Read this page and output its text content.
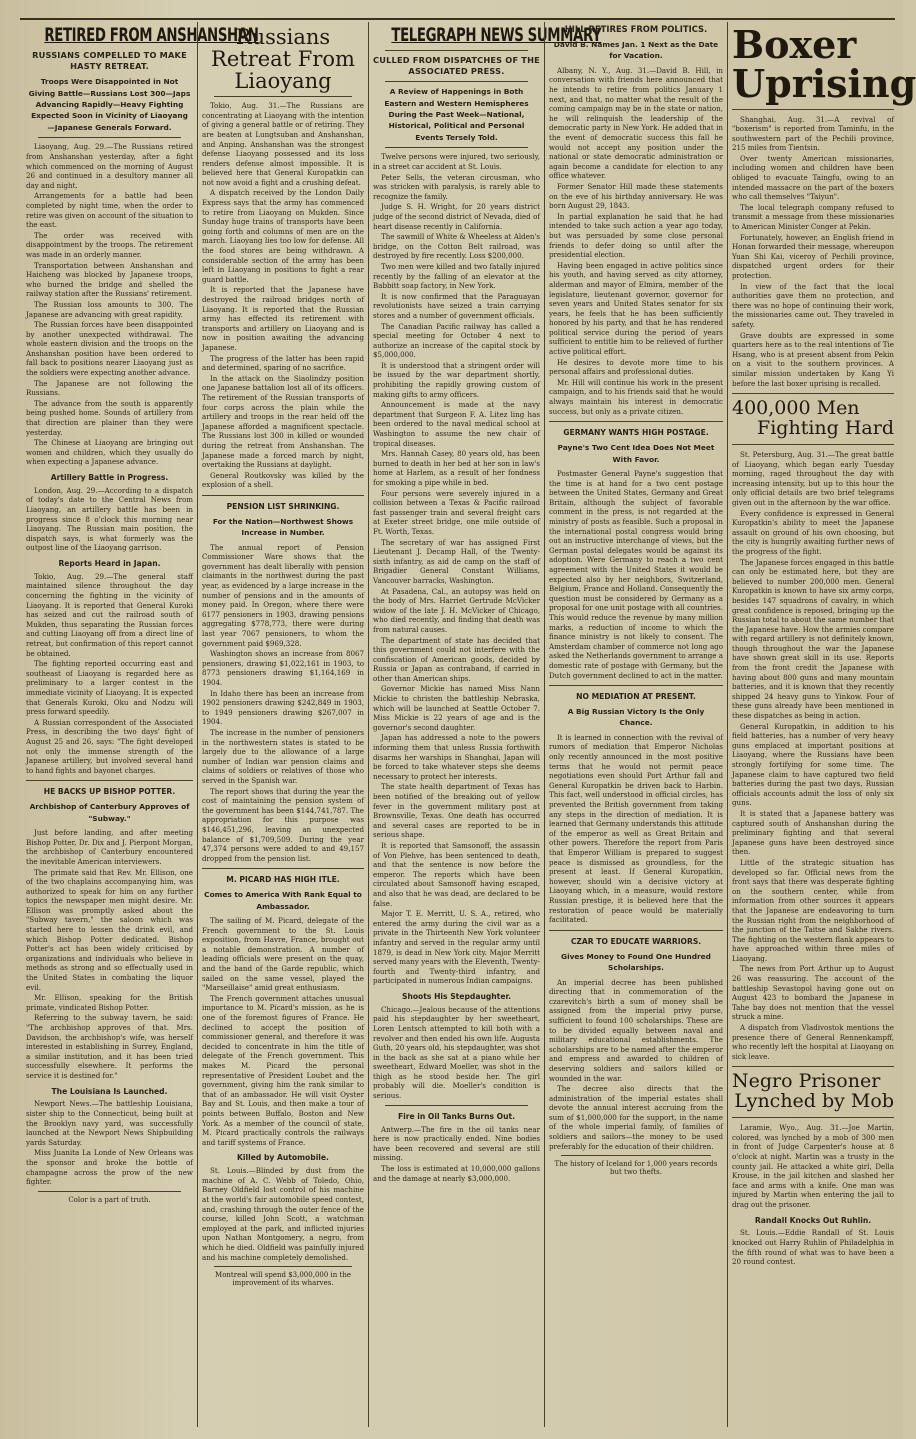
RETIRED FROM ANSHANSHAN
RUSSIANS COMPELLED TO MAKE HASTY RETREAT.
Troops Were Disappointed in Not Giving Battle—Russians Lost 300—Japs Advancing Rapidly—Heavy Fighting Expected Soon in Vicinity of Liaoyang—Japanese Generals Forward.

Liaoyang, Aug. 29.—The Russians retired from Anshanshan yesterday, after a fight which commenced on the morning of August 26 and continued in a desultory manner all day and night.

Arrangements for a battle had been completed by night time, when the order to retire was given on account of the situation to the east.

The order was received with disappointment by the troops. The retirement was made in an orderly manner.

Transportation between Anshanshan and Haicheng was blocked by Japanese troops, who burned the bridge and shelled the railway station after the Russians' retirement.

The Russian loss amounts to 300. The Japanese are advancing with great rapidity.

The Russian forces have been disappointed by another unexpected withdrawal. The whole eastern division and the troops on the Anshanshan position have been ordered to fall back to positions nearer Liaoyang just as the soldiers were expecting another advance.

The Japanese are not following the Russians.

The advance from the south is apparently being pushed home. Sounds of artillery from that direction are plainer than they were yesterday.

The Chinese at Liaoyang are bringing out women and children, which they usually do when expecting a Japanese advance.

Artillery Battle in Progress.

London, Aug. 29.—According to a dispatch of today's date to the Central News from Liaoyang, an artillery battle has been in progress since 8 o'clock this morning near Liaoyang. The Russian main position, the dispatch says, is what formerly was the outpost line of the Liaoyang garrison.

Reports Heard in Japan.

Tokio, Aug. 29.—The general staff maintained silence throughout the day concerning the fighting in the vicinity of Liaoyang. It is reported that General Kuroki has seized and cut the railroad south of Mukden, thus separating the Russian forces and cutting Liaoyang off from a direct line of retreat, but confirmation of this report cannot be obtained.

The fighting reported occurring east and southeast of Liaoyang is regarded here as preliminary to a larger contest in the immediate vicinity of Liaoyang. It is expected that Generals Kuroki, Oku and Nodzu will press forward speedily.

A Russian correspondent of the Associated Press, in describing the two days' fight of August 25 and 26, says: "The fight developed not only the immense strength of the Japanese artillery, but involved several hand to hand fights and bayonet charges.

HE BACKS UP BISHOP POTTER.
Archbishop of Canterbury Approves of "Subway."

Just before landing, and after meeting Bishop Potter, Dr. Dix and J. Pierpont Morgan, the archbishop of Canterbury encountered the inevitable American interviewers.

The primate said that Rev. Mr. Ellison, one of the two chaplains accompanying him, was authorized to speak for him on any further topics the newspaper men might desire. Mr. Ellison was promptly asked about the "Subway tavern," the saloon which was started here to lessen the drink evil, and which Bishop Potter dedicated. Bishop Potter's act has been widely criticised by organizations and individuals who believe in methods as strong and so effectually used in the United States in combating the liquor evil.

Mr. Ellison, speaking for the British primate, vindicated Bishop Potter.

Referring to the subway tavern, he said: "The archbishop approves of that. Mrs. Davidson, the archbishop's wife, was herself interested in establishing in Surrey, England, a similar institution, and it has been tried successfully elsewhere. It performs the service it is destined for."

The Louisiana Is Launched.

Newport News.—The battleship Louisiana, sister ship to the Connecticut, being built at the Brooklyn navy yard, was successfully launched at the Newport News Shipbuilding yards Saturday.

Miss Juanita La Londe of New Orleans was the sponsor and broke the bottle of champagne across the prow of the new fighter.

Color is a part of truth.
Russians Retreat From Liaoyang

Tokio, Aug. 31.—The Russians are concentrating at Liaoyang with the intention of giving a general battle or of retiring. They are beaten at Lungtsuban and Anshanshan, and Anping. Anshanshan was the strongest defense Liaoyang possessed and its loss renders defense almost impossible. It is believed here that General Kuropatkin can not now avoid a fight and a crushing defeat.

A dispatch received by the London Daily Express says that the army has commenced to retire from Liaoyang on Mukden. Since Sunday huge trains of transports have been going forth and columns of men are on the march. Liaoyang lies too low for defense. All the food stores are being withdrawn. A considerable section of the army has been left in Liaoyang in positions to fight a rear guard battle.

It is reported that the Japanese have destroyed the railroad bridges north of Liaoyang. It is reported that the Russian army has effected its retirement with transports and artillery on Liaoyang and is now in position awaiting the advancing Japanese.

The progress of the latter has been rapid and determined, sparing of no sacrifice.

In the attack on the Siaolindzy position one Japanese battalion lost all of its officers. The retirement of the Russian transports of four corps across the plain while the artillery and troops in the rear held off the Japanese afforded a magnificent spectacle. The Russians lost 300 in killed or wounded during the retreat from Anshanshan. The Japanese made a forced march by night, overtaking the Russians at daylight.

General Routkovsky was killed by the explosion of a shell.

PENSION LIST SHRINKING.
For the Nation—Northwest Shows Increase in Number.

The annual report of Pension Commissioner Ware shows that the government has dealt liberally with pension claimants in the northwest during the past year, as evidenced by a large increase in the number of pensions and in the amounts of money paid. In Oregon, where there were 6177 pensioners in 1903, drawing pensions aggregating $778,773, there were during last year 7067 pensioners, to whom the government paid $969,328.

Washington shows an increase from 8067 pensioners, drawing $1,022,161 in 1903, to 8773 pensioners drawing $1,164,169 in 1904.

In Idaho there has been an increase from 1902 pensioners drawing $242,849 in 1903, to 1949 pensioners drawing $267,007 in 1904.

The increase in the number of pensioners in the northwestern states is stated to be largely due to the allowance of a large number of Indian war pension claims and claims of soldiers or relatives of those who served in the Spanish war.

The report shows that during the year the cost of maintaining the pension system of the government has been $144,741,787. The appropriation for this purpose was $146,451,296, leaving an unexpected balance of $1,709,509. During the year 47,374 persons were added to and 49,157 dropped from the pension list.

M. PICARD HAS HIGH ITLE.
Comes to America With Rank Equal to Ambassador.

The sailing of M. Picard, delegate of the French government to the St. Louis exposition, from Havre, France, brought out a notable demonstration. A number of leading officials were present on the quay, and the band of the Garde republic, which sailed on the same vessel, played the "Marseillaise" amid great enthusiasm.

The French government attaches unusual importance to M. Picard's mission, as he is one of the foremost figures of France. He declined to accept the position of commissioner general, and therefore it was decided to concentrate in him the title of delegate of the French government. This makes M. Picard the personal representative of President Loubet and the government, giving him the rank similar to that of an ambassador. He will visit Oyster Bay and St. Louis, and then make a tour of points between Buffalo, Boston and New York. As a member of the council of state, M. Picard practically controls the railways and tariff systems of France.

Killed by Automobile.

St. Louis.—Blinded by dust from the machine of A. C. Webb of Toledo, Ohio, Barney Oldfield lost control of his machine at the world's fair automobile speed contest, and, crashing through the outer fence of the course, killed John Scott, a watchman employed at the park, and inflicted injuries upon Nathan Montgomery, a negro, from which he died. Oldfield was painfully injured and his machine completely demolished.

Montreal will spend $3,000,000 in the improvement of its wharves.
TELEGRAPH NEWS SUMMARY
CULLED FROM DISPATCHES OF THE ASSOCIATED PRESS.
A Review of Happenings in Both Eastern and Western Hemispheres During the Past Week—National, Historical, Political and Personal Events Tersely Told.

Twelve persons were injured, two seriously, in a street car accident at St. Louis.

Peter Sells, the veteran circusman, who was stricken with paralysis, is rarely able to recognize the family.

Judge S. H. Wright, for 20 years district judge of the second district of Nevada, died of heart disease recently in California.

The sawmill of White & Wheeless at Alden's bridge, on the Cotton Belt railroad, was destroyed by fire recently. Loss $200,000.

Two men were killed and two fatally injured recently by the falling of an elevator at the Babbitt soap factory, in New York.

It is now confirmed that the Paraguayan revolutionists have seized a train carrying stores and a number of government officials.

The Canadian Pacific railway has called a special meeting for October 4 next to authorize an increase of the capital stock by $5,000,000.

It is understood that a stringent order will be issued by the war department shortly, prohibiting the rapidly growing custom of making gifts to army officers.

Announcement is made at the navy department that Surgeon F. A. Litez ling has been ordered to the naval medical school at Washington to assume the new chair of tropical diseases.

Mrs. Hannah Casey, 80 years old, has been burned to death in her bed at her son in law's home at Harlem, as a result of her fondness for smoking a pipe while in bed.

Four persons were severely injured in a collision between a Texas & Pacific railroad fast passenger train and several freight cars at Exeter street bridge, one mile outside of Ft. Worth, Texas.

The secretary of war has assigned First Lieutenant J. Decamp Hall, of the Twenty-sixth infantry, as aid de camp on the staff of Brigadier General Constant Williams, Vancouver barracks, Washington.

At Pasadena, Cal., an autopsy was held on the body of Mrs. Harriet Gertrude McVicker widow of the late J. H. McVicker of Chicago, who died recently, and finding that death was from natural causes.

The department of state has decided that this government could not interfere with the confiscation of American goods, decided by Russia or Japan as contraband, if carried in other than American ships.

Governor Mickie has named Miss Nann Mickie to christen the battleship Nebraska, which will be launched at Seattle October 7. Miss Mickie is 22 years of age and is the governor's second daughter.

Japan has addressed a note to the powers informing them that unless Russia forthwith disarms her warships in Shanghai, Japan will be forced to take whatever steps she deems necessary to protect her interests.

The state health department of Texas has been notified of the breaking out of yellow fever in the government military post at Brownsville, Texas. One death has occurred and several cases are reported to be in serious shape.

It is reported that Samsonoff, the assassin of Von Plehve, has been sentenced to death, and that the sentence is now before the emperor. The reports which have been circulated about Samsonoff having escaped, and also that he was dead, are declared to be false.

Major T. E. Merritt, U. S. A., retired, who entered the army during the civil war as a private in the Thirteenth New York volunteer infantry and served in the regular army until 1879, is dead in New York city. Major Merritt served many years with the Eleventh, Twenty-fourth and Twenty-third infantry, and participated in numerous Indian campaigns.

Shoots His Stepdaughter.

Chicago.—Jealous because of the attentions paid his stepdaughter by her sweetheart, Loren Lentsch attempted to kill both with a revolver and then ended his own life. Augusta Guth, 20 years old, his stepdaughter, was shot in the back as she sat at a piano while her sweetheart, Edward Moeller, was shot in the thigh as he stood beside her. The girl probably will die. Moeller's condition is serious.

Fire in Oil Tanks Burns Out.

Antwerp.—The fire in the oil tanks near here is now practically ended. Nine bodies have been recovered and several are still missing.

The loss is estimated at 10,000,000 gallons and the damage at nearly $3,000,000.

HILL RETIRES FROM POLITICS.
David B. Names Jan. 1 Next as the Date for Vacation.

Albany, N. Y., Aug. 31.—David B. Hill, in conversation with friends here announced that he intends to retire from politics January 1 next, and that, no matter what the result of the coming campaign may be in the state or nation, he will relinquish the leadership of the democratic party in New York. He added that in the event of democratic success this fall he would not accept any position under the national or state democratic administration or again become a candidate for election to any office whatever.

Former Senator Hill made these statements on the eve of his birthday anniversary. He was born August 29, 1843.

In partial explanation he said that he had intended to take such action a year ago today, but was persuaded by some close personal friends to defer doing so until after the presidential election.

Having been engaged in active politics since his youth, and having served as city attorney, alderman and mayor of Elmira, member of the legislature, lieutenant governor, governor for seven years and United States senator for six years, he feels that he has been sufficiently honored by his party, and that he has rendered political service during the period of years sufficient to entitle him to be relieved of further active political effort.

He desires to devote more time to his personal affairs and professional duties.

Mr. Hill will continue his work in the present campaign, and to his friends said that he would always maintain his interest in democratic success, but only as a private citizen.

GERMANY WANTS HIGH POSTAGE.
Payne's Two Cent Idea Does Not Meet With Favor.

Postmaster General Payne's suggestion that the time is at hand for a two cent postage between the United States, Germany and Great Britain, although the subject of favorable comment in the press, is not regarded at the ministry of posts as feasible. Such a proposal in the international postal congress would bring out an instructive interchange of views, but the German postal delegates would be against its adoption. Were Germany to reach a two cent agreement with the United States it would be expected also by her neighbors, Switzerland, Belgium, France and Holland. Consequently the question must be considered by Germany as a proposal for one unit postage with all countries. This would reduce the revenue by many million marks, a reduction of income to which the finance ministry is not likely to consent. The Amsterdam chamber of commerce not long ago asked the Netherlands government to arrange a domestic rate of postage with Germany, but the Dutch government declined to act in the matter.

NO MEDIATION AT PRESENT.
A Big Russian Victory Is the Only Chance.

It is learned in connection with the revival of rumors of mediation that Emperor Nicholas only recently announced in the most positive terms that he would not permit peace negotiations even should Port Arthur fall and General Kuropatkin be driven back to Harbin. This fact, well understood in official circles, has prevented the British government from taking any steps in the direction of mediation. It is learned that Germany understands this attitude of the emperor as well as Great Britain and other powers. Therefore the report from Paris that Emperor William is prepared to suggest peace is dismissed as groundless, for the present at least. If General Kuropatkin, however, should win a decisive victory at Liaoyang which, in a measure, would restore Russian prestige, it is believed here that the restoration of peace would be materially facilitated.

CZAR TO EDUCATE WARRIORS.
Gives Money to Found One Hundred Scholarships.

An imperial decree has been published directing that in commemoration of the czarevitch's birth a sum of money shall be assigned from the imperial privy purse, sufficient to found 100 scholarships. These are to be divided equally between naval and military educational establishments. The scholarships are to be named after the emperor and empress and awarded to children of deserving soldiers and sailors killed or wounded in the war.

The decree also directs that the administration of the imperial estates shall devote the annual interest accruing from the sum of $1,000,000 for the support, in the name of the whole imperial family, of families of soldiers and sailors—the money to be used preferably for the education of their children.

The history of Iceland for 1,000 years records but two thefts.
Boxer
Uprising

Shanghai, Aug. 31.—A revival of "boxerism" is reported from Taminfu, in the southwestern part of the Pechili province, 215 miles from Tientsin.

Over twenty American missionaries, including women and children have been obliged to evacuate Taingfu, owing to an intended massacre on the part of the boxers who call themselves "Taiyun".

The local telegraph company refused to transmit a message from these missionaries to American Minister Conger at Pekin.

Fortunately, however, an English friend in Honan forwarded their message, whereupon Yuan Shi Kai, viceroy of Pechili province, dispatched urgent orders for their protection.

In view of the fact that the local authorities gave them no protection, and there was no hope of continuing their work, the missionaries came out. They traveled in safety.

Grave doubts are expressed in some quarters here as to the real intentions of Tie Hsang, who is at present absent from Pekin on a visit to the southern provinces. A similar mission undertaken by Kang Yi before the last boxer uprising is recalled.

400,000 Men
Fighting Hard

St. Petersburg, Aug. 31.—The great battle of Liaoyang, which began early Tuesday morning, raged throughout the day with increasing intensity, but up to this hour the only official details are two brief telegrams given out in the afternoon by the war office.

Every confidence is expressed in General Kuropatkin's ability to meet the Japanese assault on ground of his own choosing, but the city is hungrily awaiting further news of the progress of the fight.

The Japanese forces engaged in this battle can only be estimated here, but they are believed to number 200,000 men. General Kuropatkin is known to have six army corps, besides 147 squadrons of cavalry, in which great confidence is reposed, bringing up the Russian total to about the same number that the Japanese have. How the armies compare with regard artillery is not definitely known, though throughout the war the Japanese have shown great skill in its use. Reports from the front credit the Japanese with having about 800 guns and many mountain batteries, and it is known that they recently shipped 24 heavy guns to Yinkow. Four of these guns already have been mentioned in these dispatches as being in action.

General Kuropatkin, in addition to his field batteries, has a number of very heavy guns emplaced at important positions at Liaoyang, where the Russians have been strongly fortifying for some time. The Japanese claim to have captured two field batteries during the past two days, Russian officials accounts admit the loss of only six guns.

It is stated that a Japanese battery was captured south of Anshanshan during the preliminary fighting and that several Japanese guns have been destroyed since then.

Little of the strategic situation has developed so far. Official news from the front says that there was desperate fighting on the southern center, while from information from other sources it appears that the Japanese are endeavoring to turn the Russian right from the neighborhood of the junction of the Taitse and Sakhe rivers. The fighting on the western flank appears to have approached within three miles of Liaoyang.

The news from Port Arthur up to August 26 was reassuring. The account of the battleship Sevastopol having gone out on August 423 to bombard the Japanese in Tahe bay does not mention that the vessel struck a mine.

A dispatch from Vladivostok mentions the presence there of General Rennenkampff, who recently left the hospital at Liaoyang on sick leave.

Negro Prisoner
Lynched by Mob

Laramie, Wyo., Aug. 31.—Joe Martin, colored, was lynched by a mob of 300 men in front of Judge Carpenter's house at 8 o'clock at night. Martin was a trusty in the county jail. He attacked a white girl, Della Krouse, in the jail kitchen and slashed her face and arms with a knife. One man was injured by Martin when entering the jail to drag out the prisoner.

Randall Knocks Out Ruhlin.

St. Louis.—Eddie Randall of St. Louis knocked out Harry Ruhlin of Philadelphia in the fifth round of what was to have been a 20 round contest.
